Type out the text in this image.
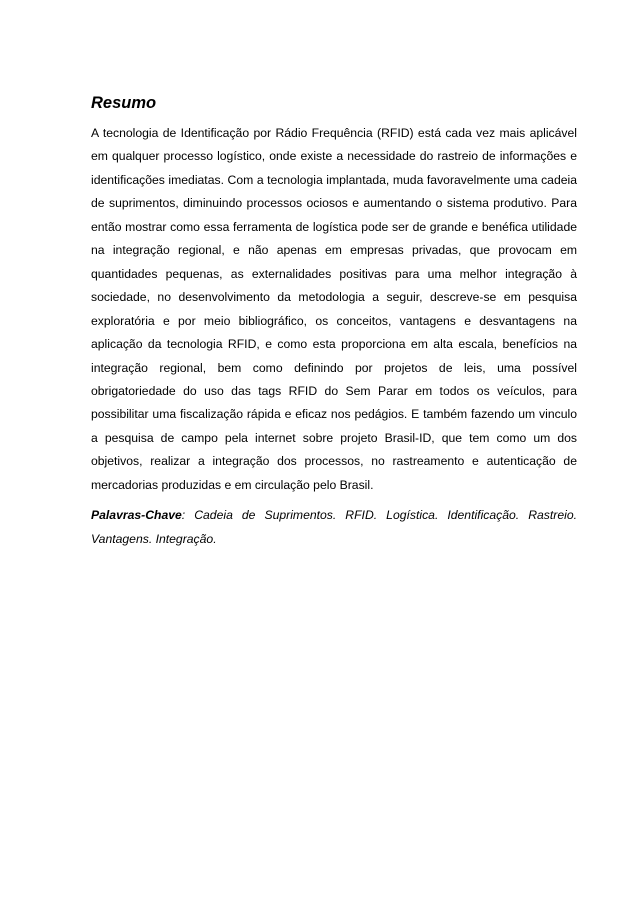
Resumo

A tecnologia de Identificação por Rádio Frequência (RFID) está cada vez mais aplicável em qualquer processo logístico, onde existe a necessidade do rastreio de informações e identificações imediatas. Com a tecnologia implantada, muda favoravelmente uma cadeia de suprimentos, diminuindo processos ociosos e aumentando o sistema produtivo. Para então mostrar como essa ferramenta de logística pode ser de grande e benéfica utilidade na integração regional, e não apenas em empresas privadas, que provocam em quantidades pequenas, as externalidades positivas para uma melhor integração à sociedade, no desenvolvimento da metodologia a seguir, descreve-se em pesquisa exploratória e por meio bibliográfico, os conceitos, vantagens e desvantagens na aplicação da tecnologia RFID, e como esta proporciona em alta escala, benefícios na integração regional, bem como definindo por projetos de leis, uma possível obrigatoriedade do uso das tags RFID do Sem Parar em todos os veículos, para possibilitar uma fiscalização rápida e eficaz nos pedágios. E também fazendo um vinculo a pesquisa de campo pela internet sobre projeto Brasil-ID, que tem como um dos objetivos, realizar a integração dos processos, no rastreamento e autenticação de mercadorias produzidas e em circulação pelo Brasil.

Palavras-Chave: Cadeia de Suprimentos. RFID. Logística. Identificação. Rastreio. Vantagens. Integração.
